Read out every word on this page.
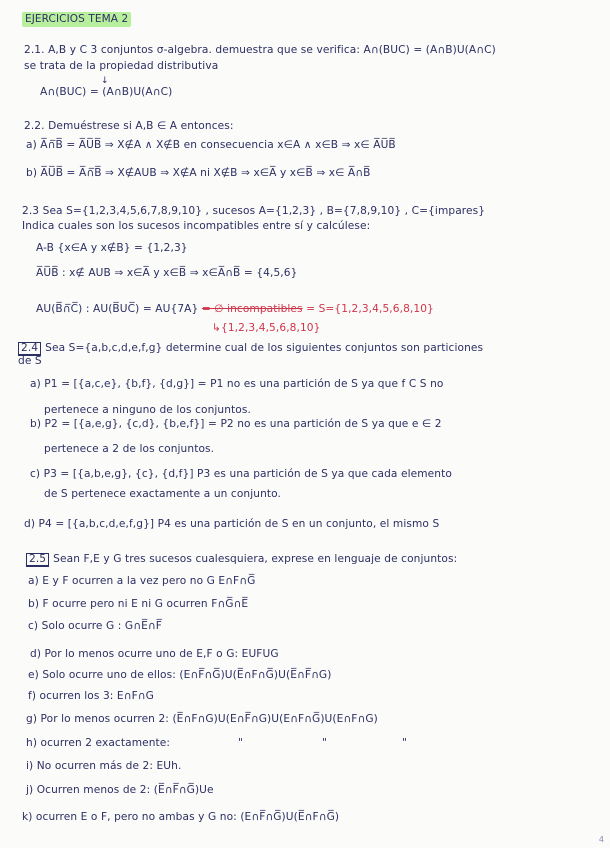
EJERCICIOS TEMA 2
2.1. A,B y C 3 conjuntos σ-algebra. demuestra que se verifica: A∩(BUC) = (A∩B)U(A∩C)
se trata de la propiedad distributiva
↓
A∩(BUC) = (A∩B)U(A∩C)
2.2. Demuéstrese si A,B ∈ A entonces:
a) A̅∩̅B̅ = A̅U̅B̅ ⇒ X∉A ∧ X∉B en consecuencia x∈A ∧ x∈B ⇒ x∈ A̅U̅B̅
b) A̅U̅B̅ = A̅∩̅B̅ ⇒ X∉AUB ⇒ X∉A ni X∉B ⇒ x∈A̅ y x∈B̅ ⇒ x∈ A̅∩B̅
2.3 Sea S={1,2,3,4,5,6,7,8,9,10} , sucesos A={1,2,3} , B={7,8,9,10} , C={impares}
Indica cuales son los sucesos incompatibles entre sí y calcúlese:
A-B {x∈A y x∉B} = {1,2,3}
A̅U̅B̅ : x∉ AUB ⇒ x∈A̅ y x∈B̅ ⇒ x∈A̅∩B̅ = {4,5,6}
AU(B̅∩̅C̅) : AU(B̅UC̅) = AU{7A} = ∅ incompatibles = S={1,2,3,4,5,6,8,10}
↳{1,2,3,4,5,6,8,10}
2.4 Sea S={a,b,c,d,e,f,g} determine cual de los siguientes conjuntos son particiones
de S
a) P1 = [{a,c,e}, {b,f}, {d,g}] = P1 no es una partición de S ya que f C S no
pertenece a ninguno de los conjuntos.
b) P2 = [{a,e,g}, {c,d}, {b,e,f}] = P2 no es una partición de S ya que e ∈ 2
pertenece a 2 de los conjuntos.
c) P3 = [{a,b,e,g}, {c}, {d,f}] P3 es una partición de S ya que cada elemento
de S pertenece exactamente a un conjunto.
d) P4 = [{a,b,c,d,e,f,g}] P4 es una partición de S en un conjunto, el mismo S
2.5 Sean F,E y G tres sucesos cualesquiera, exprese en lenguaje de conjuntos:
a) E y F ocurren a la vez pero no G E∩F∩G̅
b) F ocurre pero ni E ni G ocurren F∩G̅∩E̅
c) Solo ocurre G : G∩E̅∩F̅
d) Por lo menos ocurre uno de E,F o G: EUFUG
e) Solo ocurre uno de ellos: (E∩F̅∩G̅)U(E̅∩F∩G̅)U(E̅∩F̅∩G)
f) ocurren los 3: E∩F∩G
g) Por lo menos ocurren 2: (E̅∩F∩G)U(E∩F̅∩G)U(E∩F∩G̅)U(E∩F∩G)
h) ocurren 2 exactamente:	"	"	"
i) No ocurren más de 2: EUh.
j) Ocurren menos de 2: (E̅∩F̅∩G̅)Ue
k) ocurren E o F, pero no ambas y G no: (E∩F̅∩G̅)U(E̅∩F∩G̅)
4
